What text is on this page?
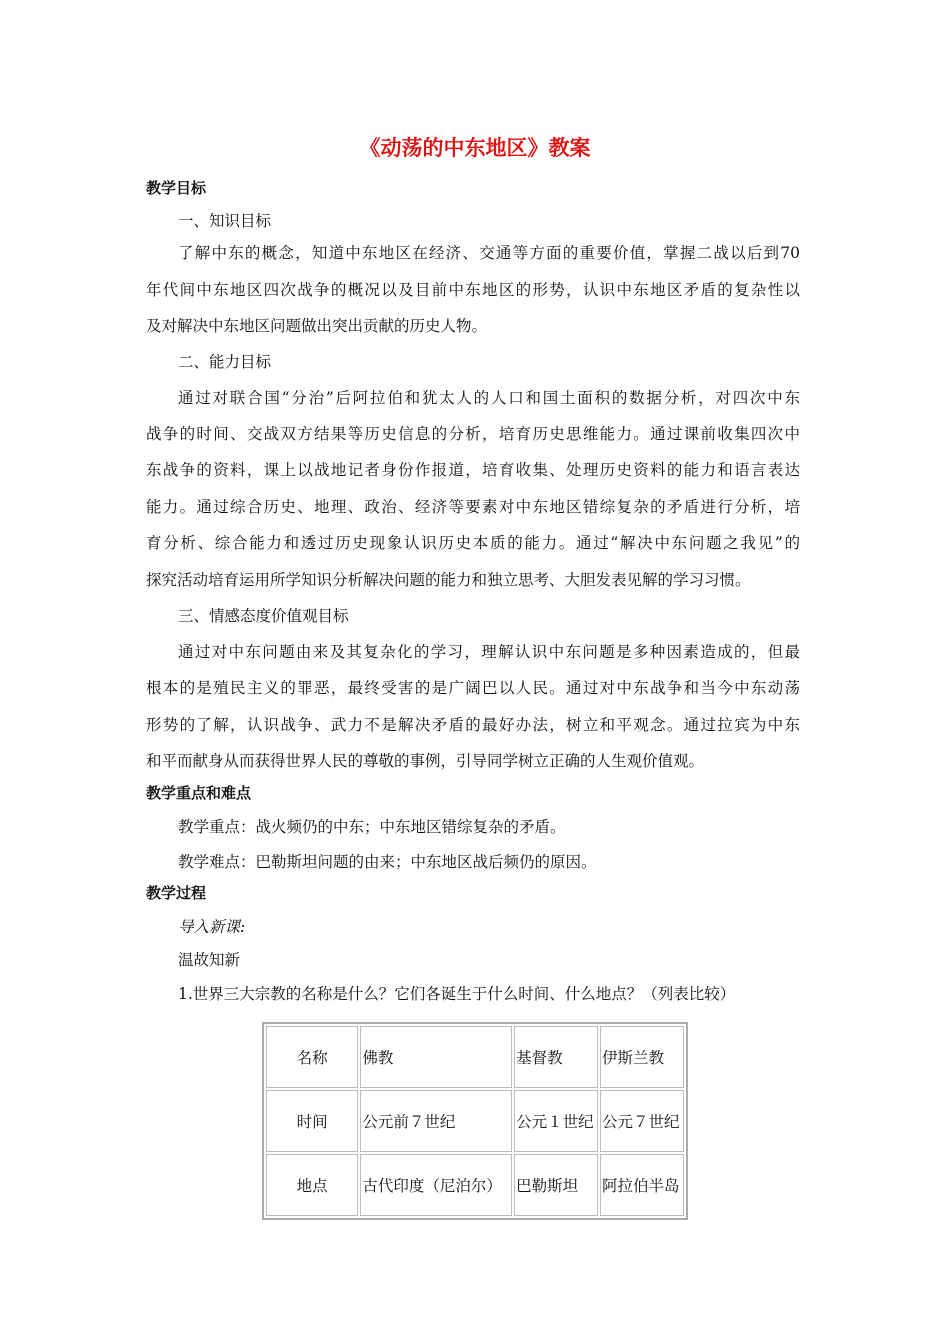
《动荡的中东地区》教案
教学目标
一、知识目标
了解中东的概念，知道中东地区在经济、交通等方面的重要价值，掌握二战以后到70
年代间中东地区四次战争的概况以及目前中东地区的形势，认识中东地区矛盾的复杂性以
及对解决中东地区问题做出突出贡献的历史人物。
二、能力目标
通过对联合国“分治”后阿拉伯和犹太人的人口和国土面积的数据分析，对四次中东
战争的时间、交战双方结果等历史信息的分析，培育历史思维能力。通过课前收集四次中
东战争的资料，课上以战地记者身份作报道，培育收集、处理历史资料的能力和语言表达
能力。通过综合历史、地理、政治、经济等要素对中东地区错综复杂的矛盾进行分析，培
育分析、综合能力和透过历史现象认识历史本质的能力。通过“解决中东问题之我见”的
探究活动培育运用所学知识分析解决问题的能力和独立思考、大胆发表见解的学习习惯。
三、情感态度价值观目标
通过对中东问题由来及其复杂化的学习，理解认识中东问题是多种因素造成的，但最
根本的是殖民主义的罪恶，最终受害的是广阔巴以人民。通过对中东战争和当今中东动荡
形势的了解，认识战争、武力不是解决矛盾的最好办法，树立和平观念。通过拉宾为中东
和平而献身从而获得世界人民的尊敬的事例，引导同学树立正确的人生观价值观。
教学重点和难点
教学重点：战火频仍的中东；中东地区错综复杂的矛盾。
教学难点：巴勒斯坦问题的由来；中东地区战后频仍的原因。
教学过程
导入新课:
温故知新
1.世界三大宗教的名称是什么？它们各诞生于什么时间、什么地点？（列表比较）
名称	佛教	基督教	伊斯兰教
时间	公元前７世纪	公元１世纪	公元７世纪
地点	古代印度（尼泊尔）	巴勒斯坦	阿拉伯半岛
